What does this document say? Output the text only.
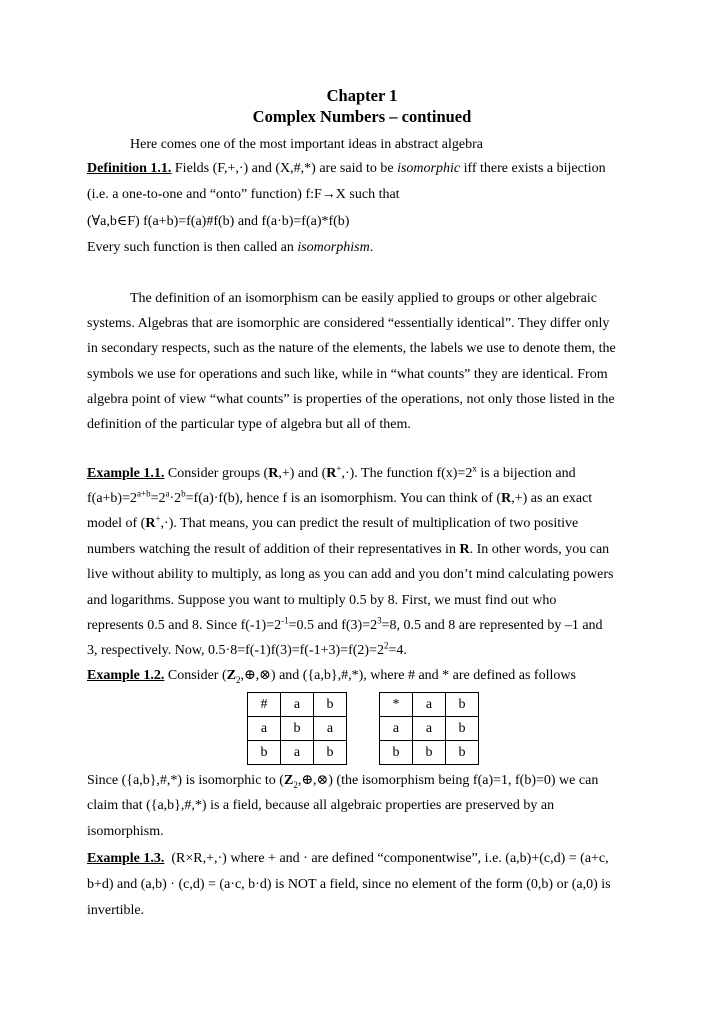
Chapter 1
Complex Numbers – continued
Here comes one of the most important ideas in abstract algebra
Definition 1.1. Fields (F,+,·) and (X,#,*) are said to be isomorphic iff there exists a bijection
(i.e. a one-to-one and “onto” function) f:F→X such that
(∀a,b∈F) f(a+b)=f(a)#f(b) and f(a·b)=f(a)*f(b)
Every such function is then called an isomorphism.
The definition of an isomorphism can be easily applied to groups or other algebraic
systems. Algebras that are isomorphic are considered “essentially identical”. They differ only
in secondary respects, such as the nature of the elements, the labels we use to denote them, the
symbols we use for operations and such like, while in “what counts” they are identical. From
algebra point of view “what counts” is properties of the operations, not only those listed in the
definition of the particular type of algebra but all of them.
Example 1.1. Consider groups (R,+) and (R+,·). The function $f(x)=2^x$ is a bijection and
$f(a+b)=2^{a+b}=2^a\cdot 2^b=f(a)\cdot f(b)$, hence f is an isomorphism. You can think of (R,+) as an exact
model of (R+,·). That means, you can predict the result of multiplication of two positive
numbers watching the result of addition of their representatives in R. In other words, you can
live without ability to multiply, as long as you can add and you don’t mind calculating powers
and logarithms. Suppose you want to multiply 0.5 by 8. First, we must find out who
represents 0.5 and 8. Since $f(-1)=2^{-1}=0.5$ and $f(3)=2^3=8$, 0.5 and 8 are represented by –1 and
3, respectively. Now, $0.5\cdot 8=f(-1)f(3)=f(-1+3)=f(2)=2^2=4$.
Example 1.2. Consider $(Z_2,\oplus,\otimes)$ and ({a,b},#,*), where # and * are defined as follows
#	a	b
a	b	a
b	a	b
*	a	b
a	a	b
b	b	b
Since ({a,b},#,*) is isomorphic to $(Z_2,\oplus,\otimes)$ (the isomorphism being f(a)=1, f(b)=0) we can
claim that ({a,b},#,*) is a field, because all algebraic properties are preserved by an
isomorphism.
Example 1.3.  (R×R,+,·) where + and · are defined “componentwise”, i.e. (a,b)+(c,d) = (a+c,
b+d) and (a,b) · (c,d) = (a·c, b·d) is NOT a field, since no element of the form (0,b) or (a,0) is
invertible.
